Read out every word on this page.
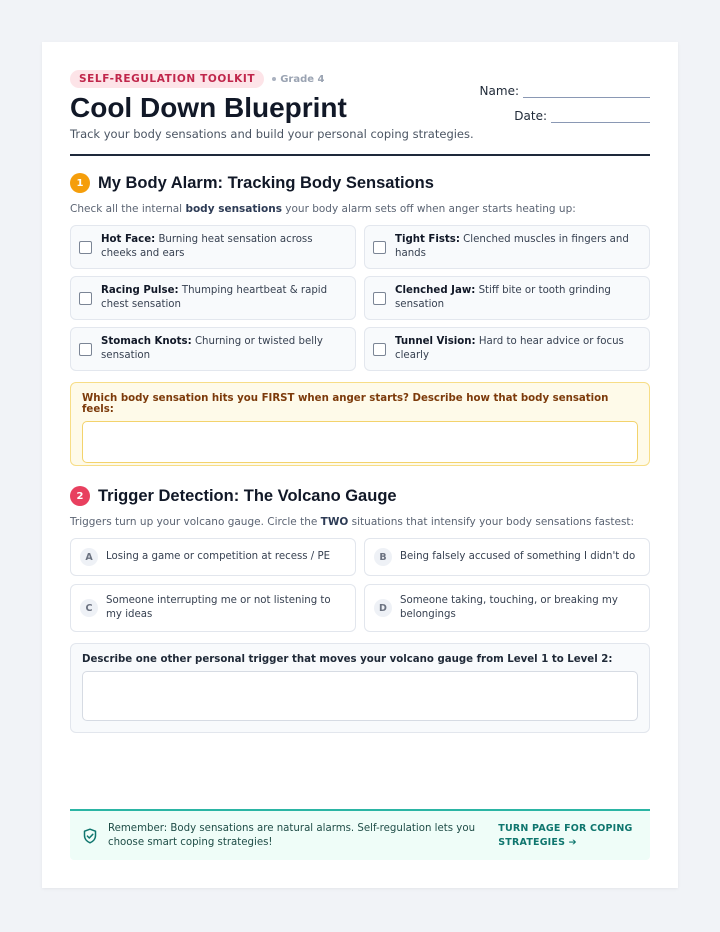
SELF-REGULATION TOOLKIT	Grade 4
Cool Down Blueprint

Track your body sensations and build your personal coping strategies.

Name:
Date:
1 My Body Alarm: Tracking Body Sensations

Check all the internal body sensations your body alarm sets off when anger starts heating up:

Hot Face: Burning heat sensation across cheeks and ears
Tight Fists: Clenched muscles in fingers and hands
Racing Pulse: Thumping heartbeat & rapid chest sensation
Clenched Jaw: Stiff bite or tooth grinding sensation
Stomach Knots: Churning or twisted belly sensation
Tunnel Vision: Hard to hear advice or focus clearly

Which body sensation hits you FIRST when anger starts? Describe how that body sensation feels:

2 Trigger Detection: The Volcano Gauge

Triggers turn up your volcano gauge. Circle the TWO situations that intensify your body sensations fastest:

A	Losing a game or competition at recess / PE	B	Being falsely accused of something I didn't do
C
Someone interrupting me or not listening to my ideas
D
Someone taking, touching, or breaking my belongings

Describe one other personal trigger that moves your volcano gauge from Level 1 to Level 2:

Remember: Body sensations are natural alarms. Self-regulation lets you choose smart coping strategies!
TURN PAGE FOR COPING STRATEGIES ➔
